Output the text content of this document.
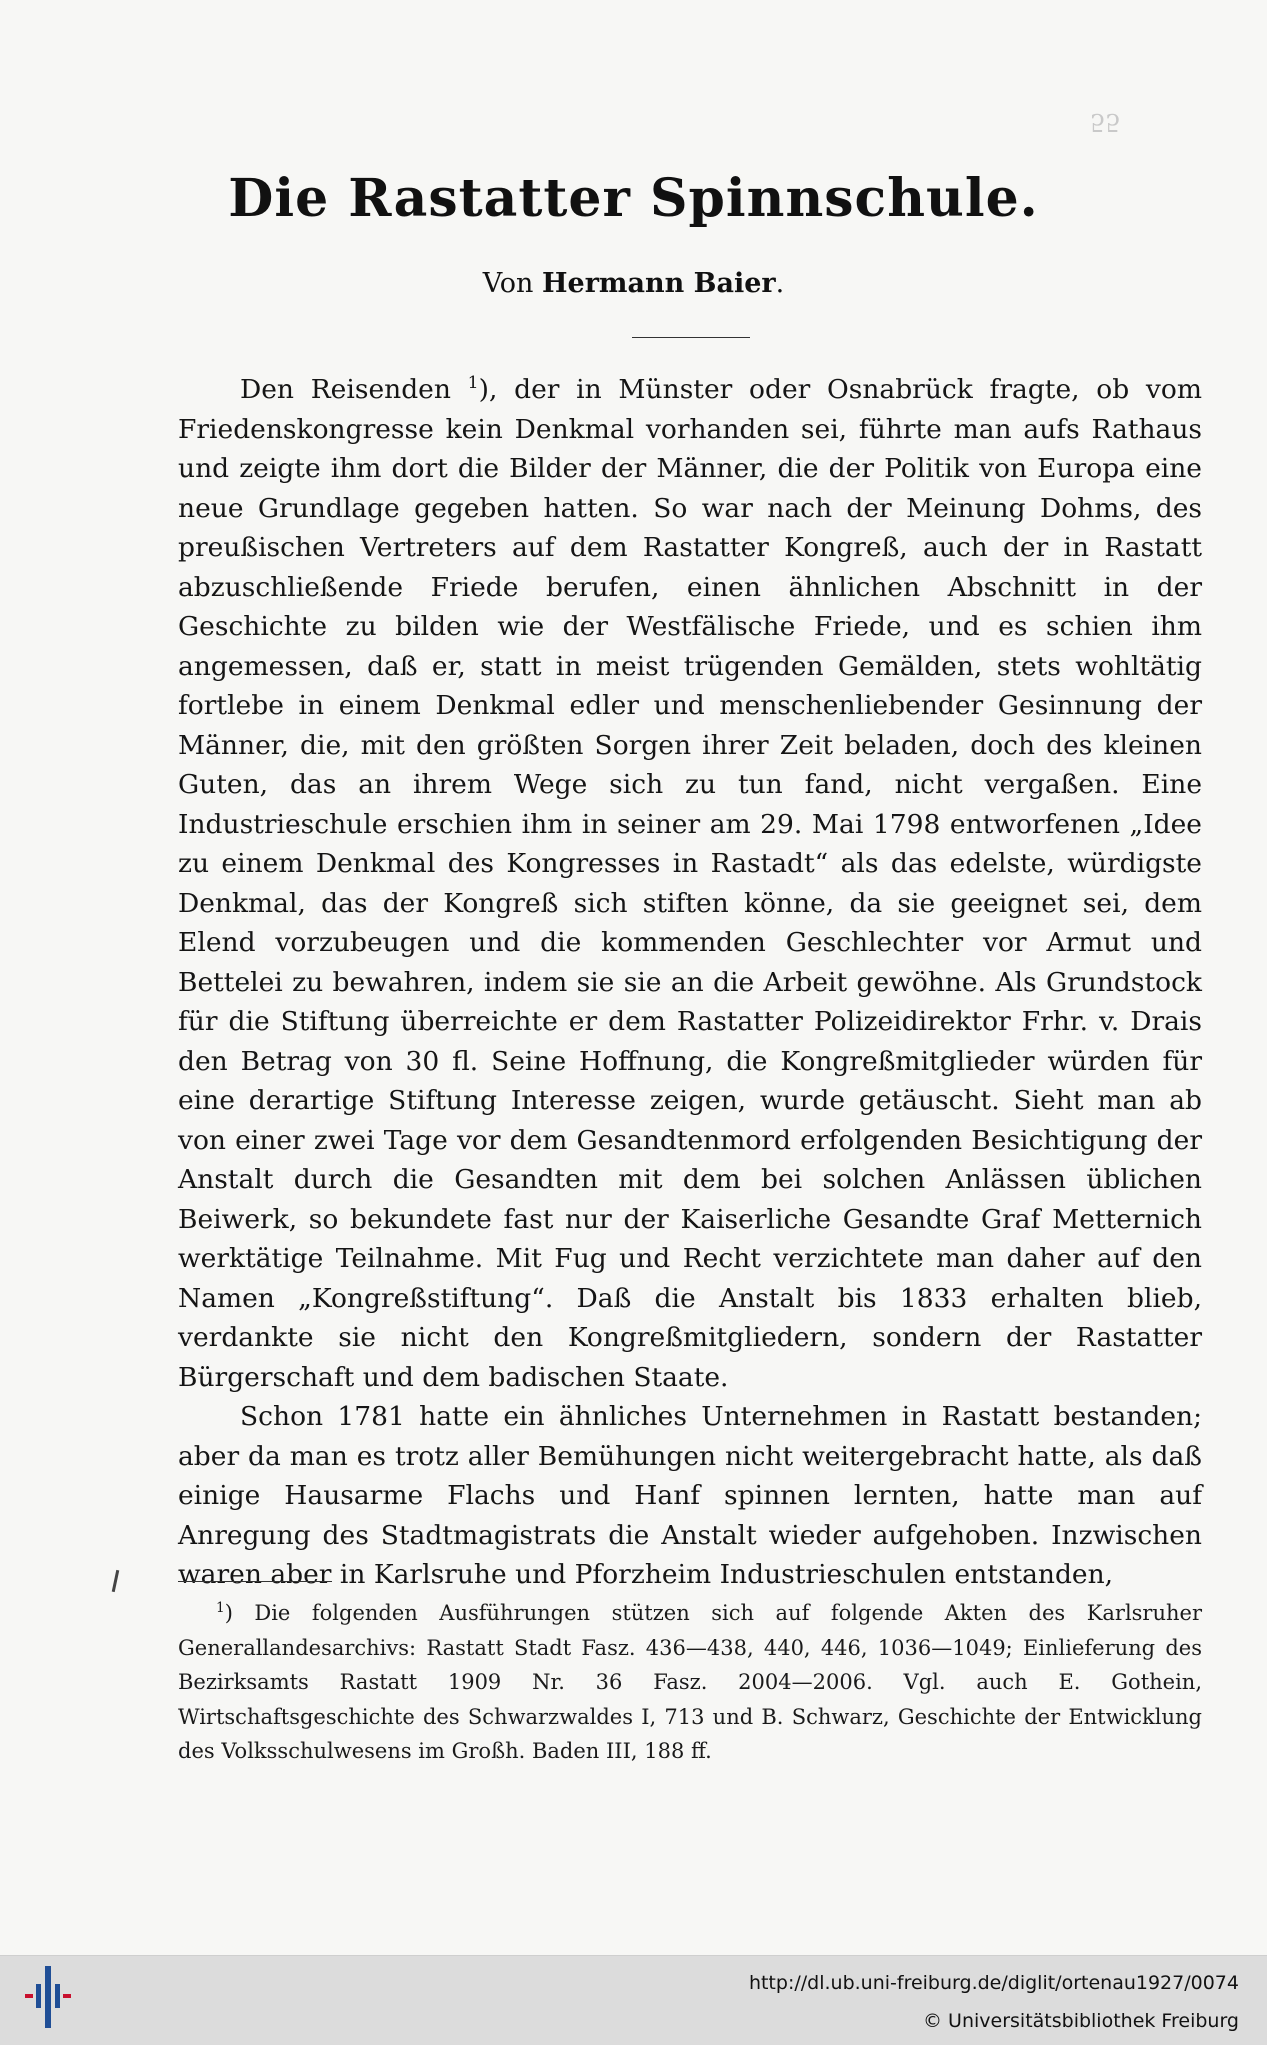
55
Die Rastatter Spinnschule.
Von Hermann Baier.

Den Reisenden $^1$), der in Münster oder Osnabrück fragte, ob vom Friedenskongresse kein Denkmal vorhanden sei, führte man aufs Rathaus und zeigte ihm dort die Bilder der Männer, die der Politik von Europa eine neue Grundlage gegeben hatten. So war nach der Meinung Dohms, des preußischen Vertreters auf dem Rastatter Kongreß, auch der in Rastatt abzuschließende Friede berufen, einen ähnlichen Abschnitt in der Geschichte zu bilden wie der Westfälische Friede, und es schien ihm angemessen, daß er, statt in meist trügenden Gemälden, stets wohltätig fortlebe in einem Denkmal edler und menschenliebender Gesinnung der Männer, die, mit den größten Sorgen ihrer Zeit beladen, doch des kleinen Guten, das an ihrem Wege sich zu tun fand, nicht vergaßen. Eine Industrieschule erschien ihm in seiner am 29. Mai 1798 entworfenen „Idee zu einem Denkmal des Kongresses in Rastadt“ als das edelste, würdigste Denkmal, das der Kongreß sich stiften könne, da sie geeignet sei, dem Elend vorzubeugen und die kommenden Geschlechter vor Armut und Bettelei zu bewahren, indem sie sie an die Arbeit gewöhne. Als Grundstock für die Stiftung überreichte er dem Rastatter Polizeidirektor Frhr. v. Drais den Betrag von 30 fl. Seine Hoffnung, die Kongreßmitglieder würden für eine derartige Stiftung Interesse zeigen, wurde getäuscht. Sieht man ab von einer zwei Tage vor dem Gesandtenmord erfolgenden Besichtigung der Anstalt durch die Gesandten mit dem bei solchen Anlässen üblichen Beiwerk, so bekundete fast nur der Kaiserliche Gesandte Graf Metternich werktätige Teilnahme. Mit Fug und Recht verzichtete man daher auf den Namen „Kongreßstiftung“. Daß die Anstalt bis 1833 erhalten blieb, verdankte sie nicht den Kongreßmitgliedern, sondern der Rastatter Bürgerschaft und dem badischen Staate.

Schon 1781 hatte ein ähnliches Unternehmen in Rastatt bestanden; aber da man es trotz aller Bemühungen nicht weitergebracht hatte, als daß einige Hausarme Flachs und Hanf spinnen lernten, hatte man auf Anregung des Stadtmagistrats die Anstalt wieder aufgehoben. Inzwischen waren aber in Karlsruhe und Pforzheim Industrieschulen entstanden,

$^1$) Die folgenden Ausführungen stützen sich auf folgende Akten des Karlsruher Generallandesarchivs: Rastatt Stadt Fasz. 436—438, 440, 446, 1036—1049; Einlieferung des Bezirksamts Rastatt 1909 Nr. 36 Fasz. 2004—2006. Vgl. auch E. Gothein, Wirtschaftsgeschichte des Schwarzwaldes I, 713 und B. Schwarz, Geschichte der Entwicklung des Volksschulwesens im Großh. Baden III, 188 ff.

http://dl.ub.uni-freiburg.de/diglit/ortenau1927/0074
© Universitätsbibliothek Freiburg
